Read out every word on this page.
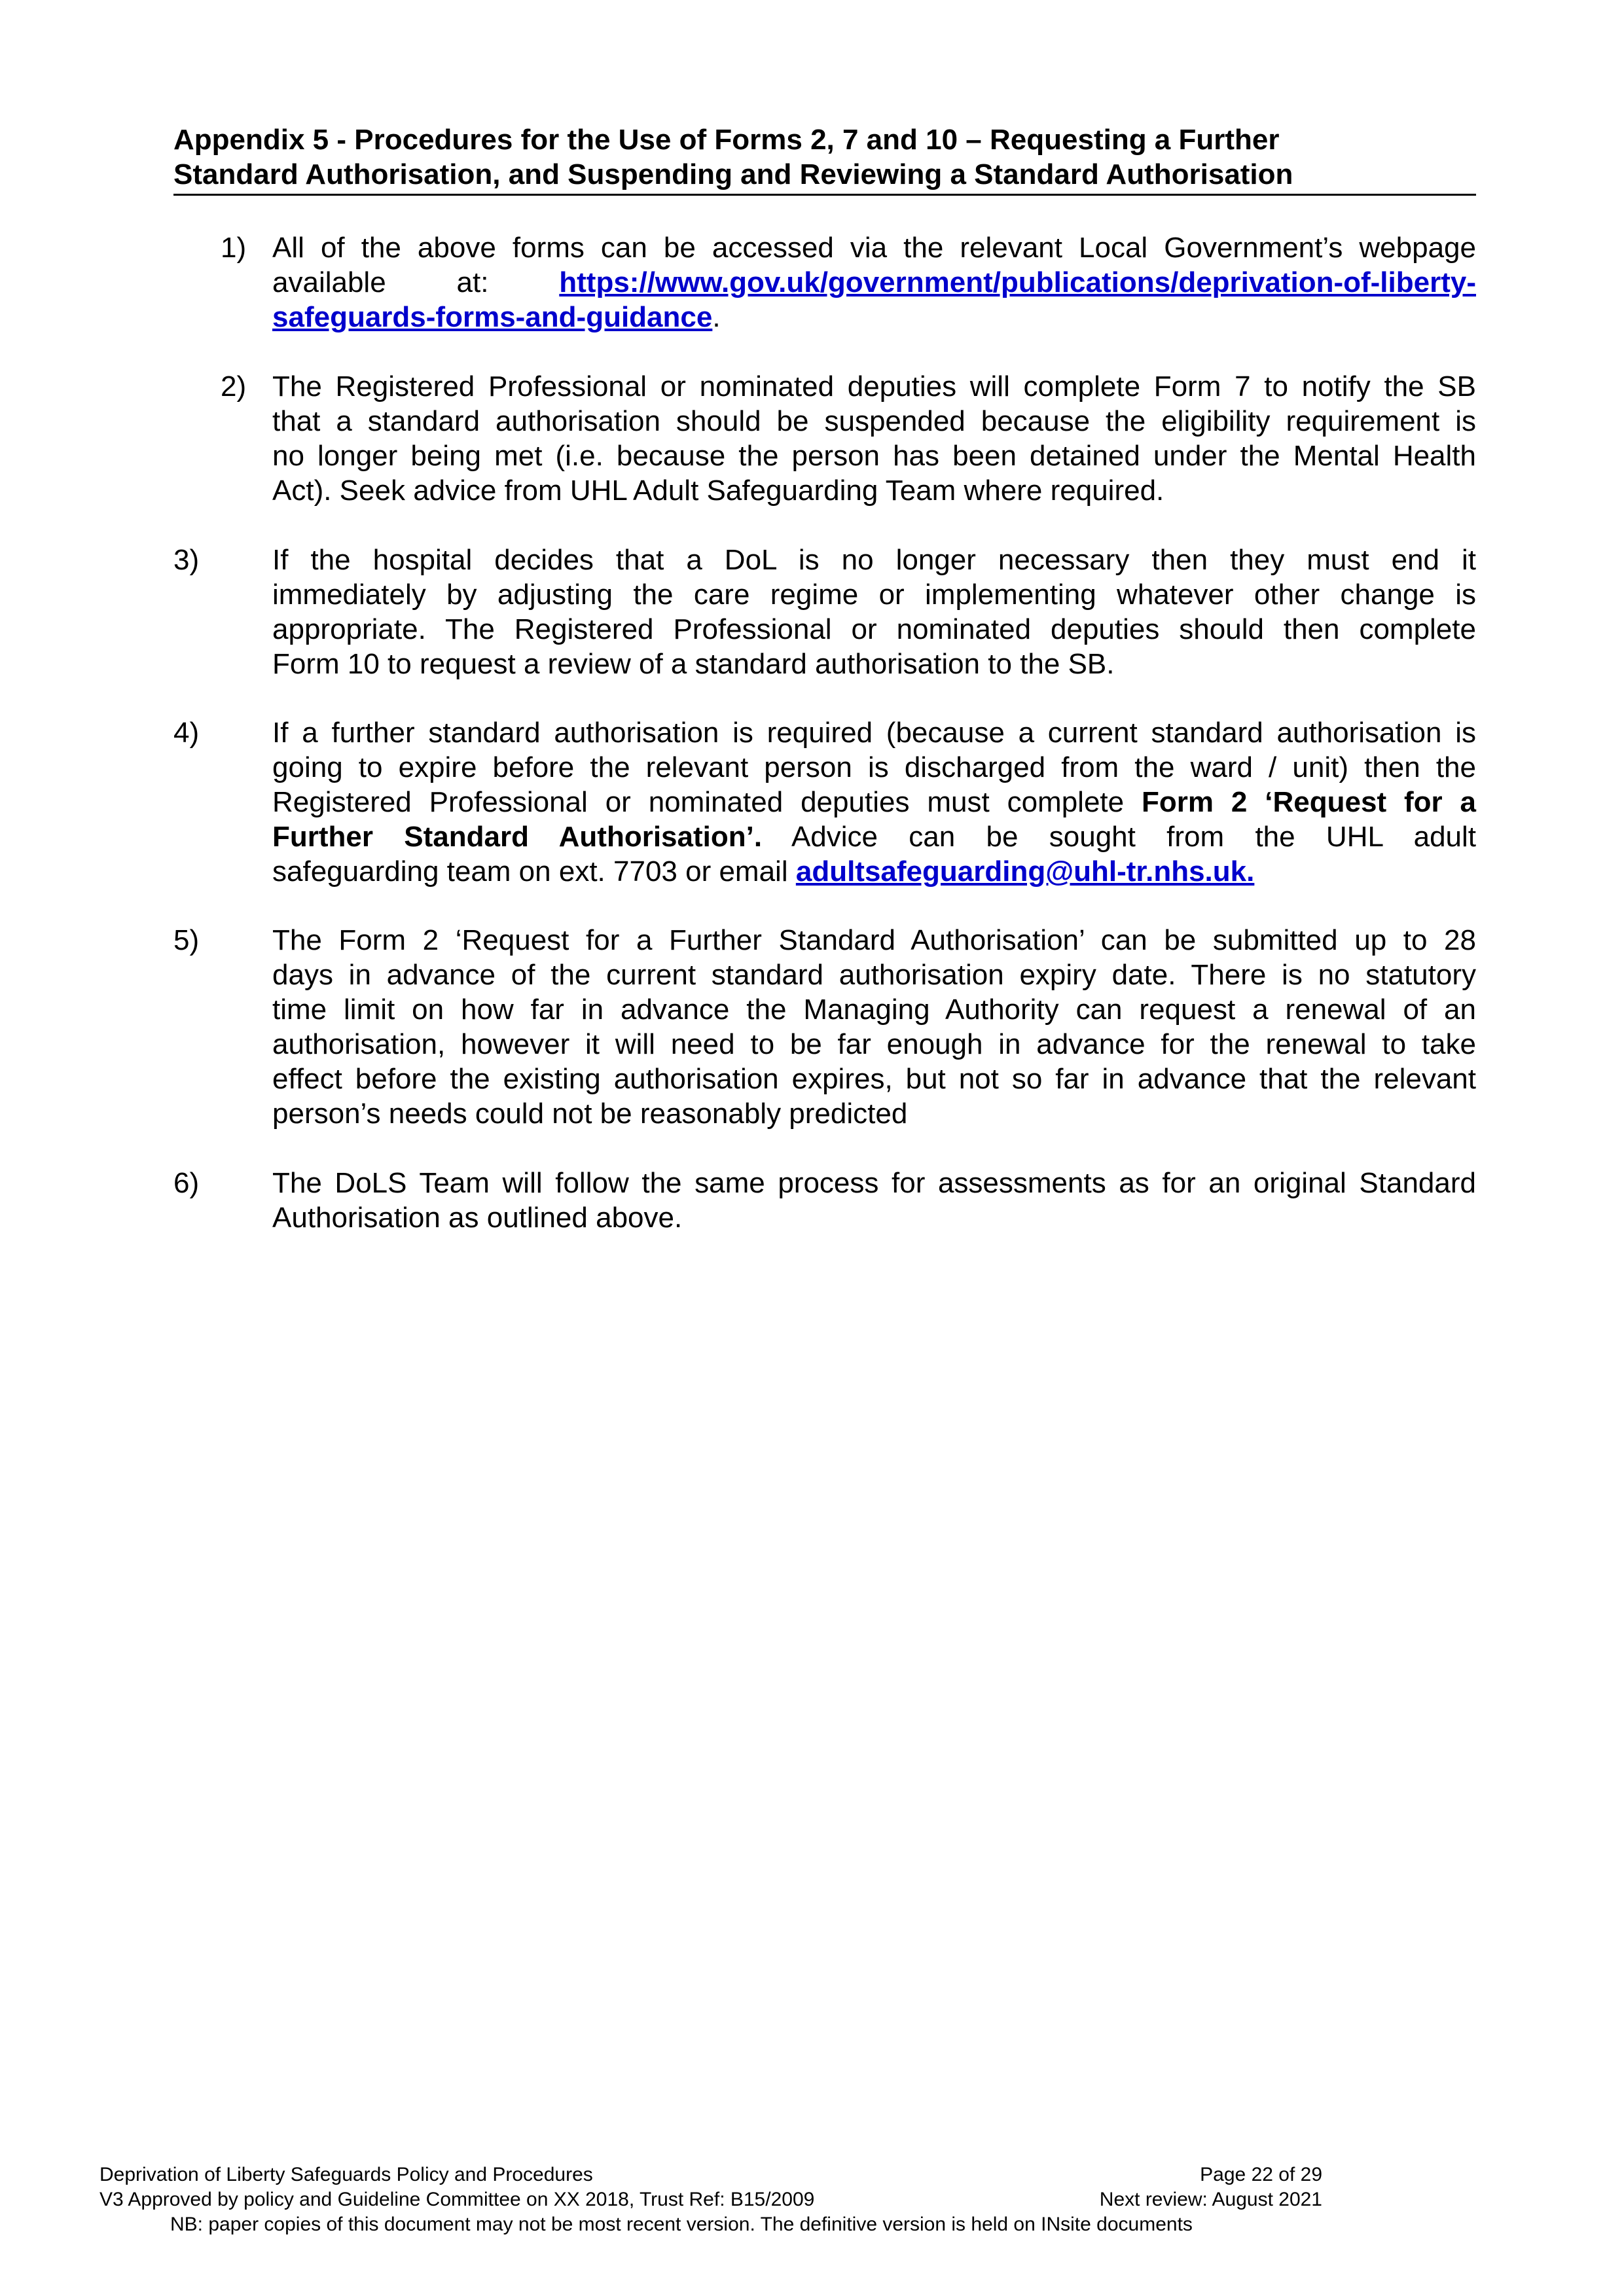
Appendix 5 - Procedures for the Use of Forms 2, 7 and 10 – Requesting a Further
Standard Authorisation, and Suspending and Reviewing a Standard Authorisation
1) All of the above forms can be accessed via the relevant Local Government’s webpage
available at: https://www.gov.uk/government/publications/deprivation-of-liberty-
safeguards-forms-and-guidance.
2) The Registered Professional or nominated deputies will complete Form 7 to notify the SB
that a standard authorisation should be suspended because the eligibility requirement is
no longer being met (i.e. because the person has been detained under the Mental Health
Act). Seek advice from UHL Adult Safeguarding Team where required.
3)	If the hospital decides that a DoL is no longer necessary then they must end it
immediately by adjusting the care regime or implementing whatever other change is
appropriate. The Registered Professional or nominated deputies should then complete
Form 10 to request a review of a standard authorisation to the SB.
4)	If a further standard authorisation is required (because a current standard authorisation is
going to expire before the relevant person is discharged from the ward / unit) then the
Registered Professional or nominated deputies must complete Form 2 ‘Request for a
Further Standard Authorisation’. Advice can be sought from the UHL adult
safeguarding team on ext. 7703 or email adultsafeguarding@uhl-tr.nhs.uk.
5)	The Form 2 ‘Request for a Further Standard Authorisation’ can be submitted up to 28
days in advance of the current standard authorisation expiry date. There is no statutory
time limit on how far in advance the Managing Authority can request a renewal of an
authorisation, however it will need to be far enough in advance for the renewal to take
effect before the existing authorisation expires, but not so far in advance that the relevant
person’s needs could not be reasonably predicted
6)	The DoLS Team will follow the same process for assessments as for an original Standard
Authorisation as outlined above.
Deprivation of Liberty Safeguards Policy and Procedures	Page 22 of 29
V3 Approved by policy and Guideline Committee on XX 2018, Trust Ref: B15/2009	Next review: August 2021
NB: paper copies of this document may not be most recent version. The definitive version is held on INsite documents
